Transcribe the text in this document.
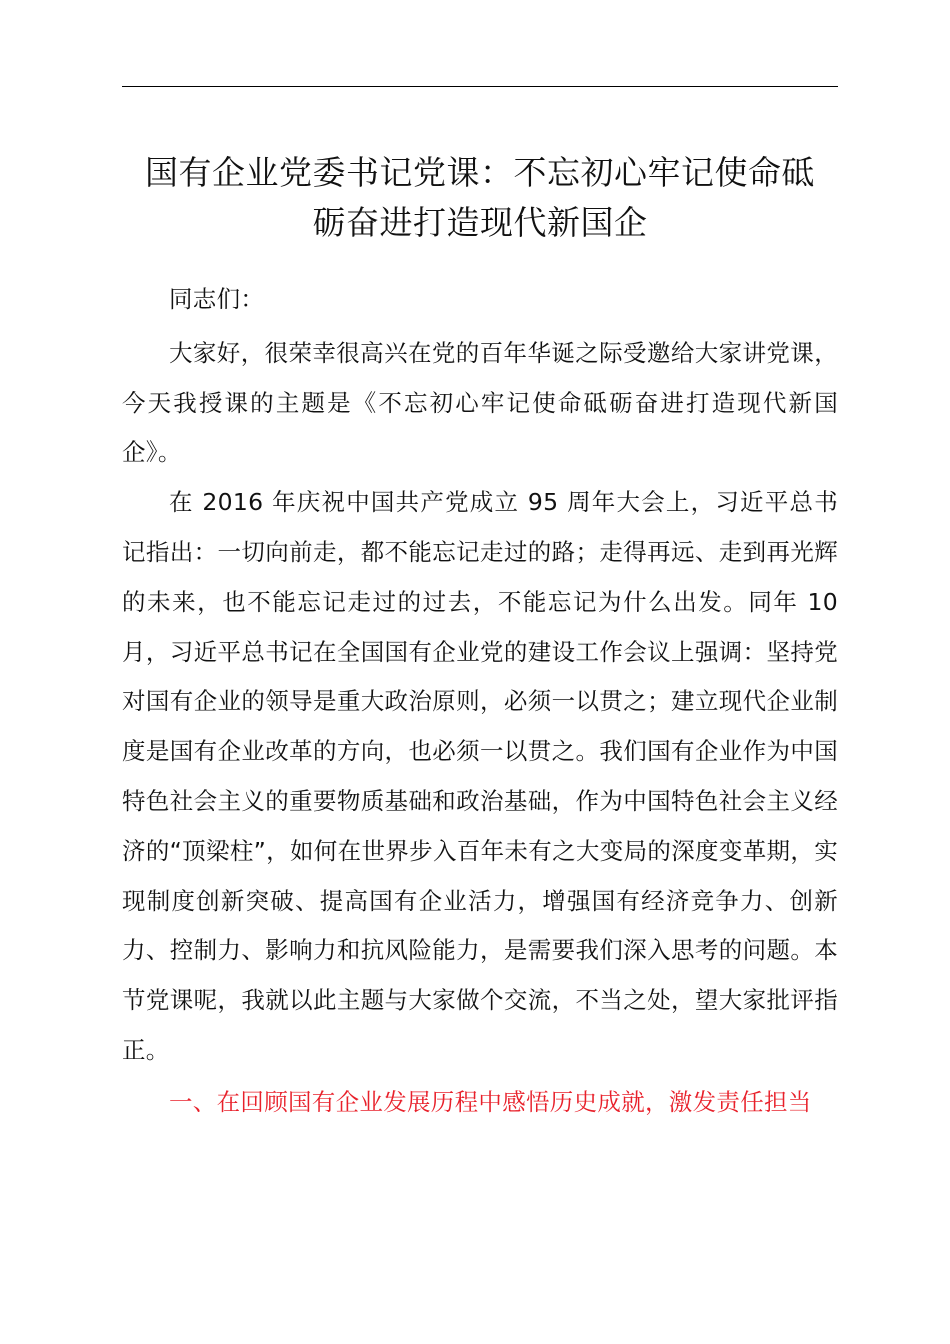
国有企业党委书记党课：不忘初心牢记使命砥
砺奋进打造现代新国企

同志们：

大家好，很荣幸很高兴在党的百年华诞之际受邀给大家讲党课，今天我授课的主题是《不忘初心牢记使命砥砺奋进打造现代新国企》。

在 2016 年庆祝中国共产党成立 95 周年大会上，习近平总书记指出：一切向前走，都不能忘记走过的路；走得再远、走到再光辉的未来，也不能忘记走过的过去，不能忘记为什么出发。同年 10 月，习近平总书记在全国国有企业党的建设工作会议上强调：坚持党对国有企业的领导是重大政治原则，必须一以贯之；建立现代企业制度是国有企业改革的方向，也必须一以贯之。我们国有企业作为中国特色社会主义的重要物质基础和政治基础，作为中国特色社会主义经济的“顶梁柱”，如何在世界步入百年未有之大变局的深度变革期，实现制度创新突破、提高国有企业活力，增强国有经济竞争力、创新力、控制力、影响力和抗风险能力，是需要我们深入思考的问题。本节党课呢，我就以此主题与大家做个交流，不当之处，望大家批评指正。

一、在回顾国有企业发展历程中感悟历史成就，激发责任担当
